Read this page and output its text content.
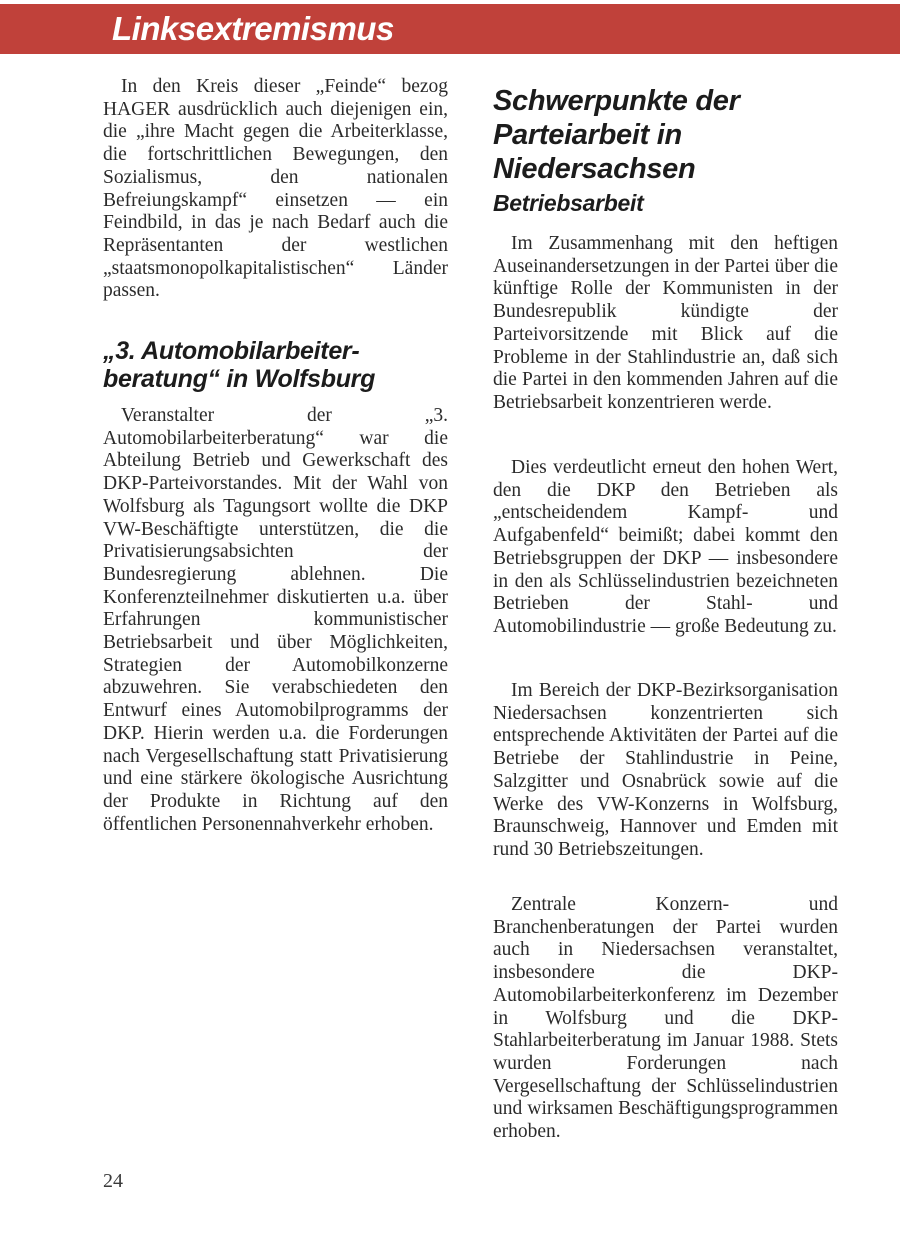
Linksextremismus

In den Kreis dieser „Feinde“ bezog HAGER ausdrücklich auch diejenigen ein, die „ihre Macht gegen die Arbeiterklasse, die fortschrittlichen Bewegungen, den Sozialismus, den nationalen Befreiungskampf“ einsetzen — ein Feindbild, in das je nach Bedarf auch die Repräsentanten der westlichen „staatsmonopolkapitalistischen“ Länder passen.

„3. Automobilarbeiter-
beratung“ in Wolfsburg

Veranstalter der „3. Automobilarbeiterberatung“ war die Abteilung Betrieb und Gewerkschaft des DKP-Parteivorstandes. Mit der Wahl von Wolfsburg als Tagungsort wollte die DKP VW-Beschäftigte unterstützen, die die Privatisierungsabsichten der Bundesregierung ablehnen. Die Konferenzteilnehmer diskutierten u.a. über Erfahrungen kommunistischer Betriebsarbeit und über Möglichkeiten, Strategien der Automobilkonzerne abzuwehren. Sie verabschiedeten den Entwurf eines Automobilprogramms der DKP. Hierin werden u.a. die Forderungen nach Vergesellschaftung statt Privatisierung und eine stärkere ökologische Ausrichtung der Produkte in Richtung auf den öffentlichen Personennahverkehr erhoben.

Schwerpunkte der
Parteiarbeit in
Niedersachsen
Betriebsarbeit

Im Zusammenhang mit den heftigen Auseinandersetzungen in der Partei über die künftige Rolle der Kommunisten in der Bundesrepublik kündigte der Parteivorsitzende mit Blick auf die Probleme in der Stahlindustrie an, daß sich die Partei in den kommenden Jahren auf die Betriebsarbeit konzentrieren werde.

Dies verdeutlicht erneut den hohen Wert, den die DKP den Betrieben als „entscheidendem Kampf- und Aufgabenfeld“ beimißt; dabei kommt den Betriebsgruppen der DKP — insbesondere in den als Schlüsselindustrien bezeichneten Betrieben der Stahl- und Automobilindustrie — große Bedeutung zu.

Im Bereich der DKP-Bezirksorganisation Niedersachsen konzentrierten sich entsprechende Aktivitäten der Partei auf die Betriebe der Stahlindustrie in Peine, Salzgitter und Osnabrück sowie auf die Werke des VW-Konzerns in Wolfsburg, Braunschweig, Hannover und Emden mit rund 30 Betriebszeitungen.

Zentrale Konzern- und Branchenberatungen der Partei wurden auch in Niedersachsen veranstaltet, insbesondere die DKP-Automobilarbeiterkonferenz im Dezember in Wolfsburg und die DKP-Stahlarbeiterberatung im Januar 1988. Stets wurden Forderungen nach Vergesellschaftung der Schlüsselindustrien und wirksamen Beschäftigungsprogrammen erhoben.

24
